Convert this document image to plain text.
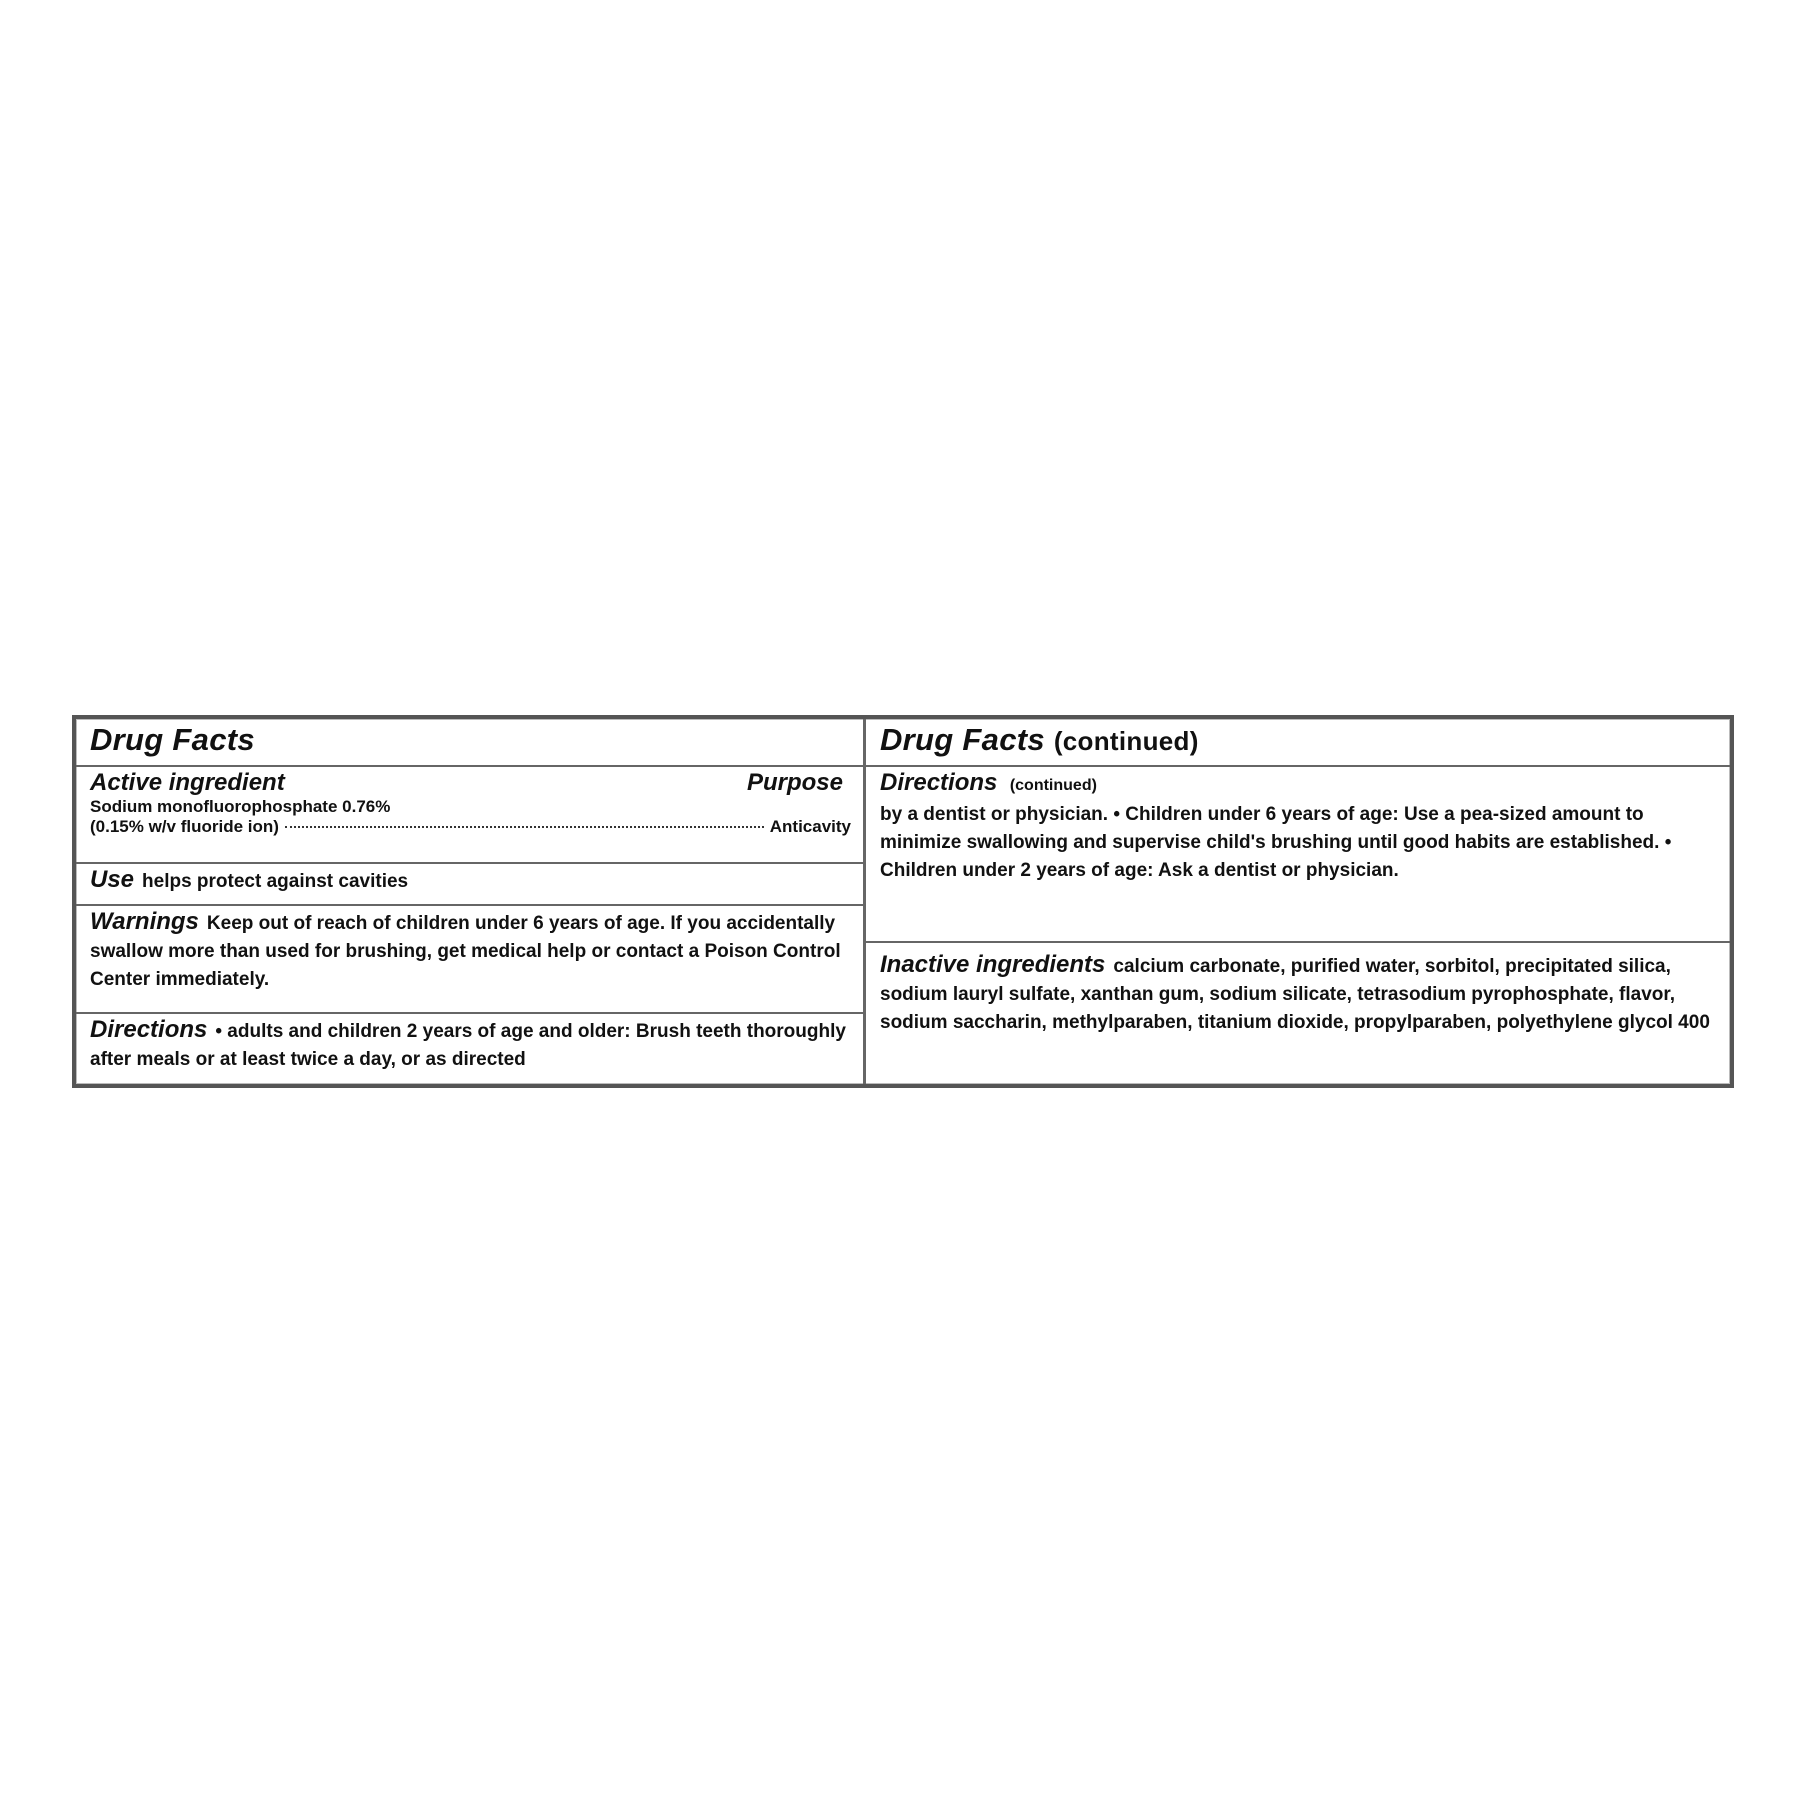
Drug Facts
Active ingredient	Purpose
Sodium monofluorophosphate 0.76%
(0.15% w/v fluoride ion)	Anticavity
Use helps protect against cavities
Warnings Keep out of reach of children under 6 years of age. If you accidentally swallow more than used for brushing, get medical help or contact a Poison Control Center immediately.
Directions • adults and children 2 years of age and older: Brush teeth thoroughly after meals or at least twice a day, or as directed
Drug Facts (continued)
Directions (continued)
by a dentist or physician. • Children under 6 years of age: Use a pea-sized amount to minimize swallowing and supervise child's brushing until good habits are established. • Children under 2 years of age: Ask a dentist or physician.
Inactive ingredients calcium carbonate, purified water, sorbitol, precipitated silica, sodium lauryl sulfate, xanthan gum, sodium silicate, tetrasodium pyrophosphate, flavor, sodium saccharin, methylparaben, titanium dioxide, propylparaben, polyethylene glycol 400
